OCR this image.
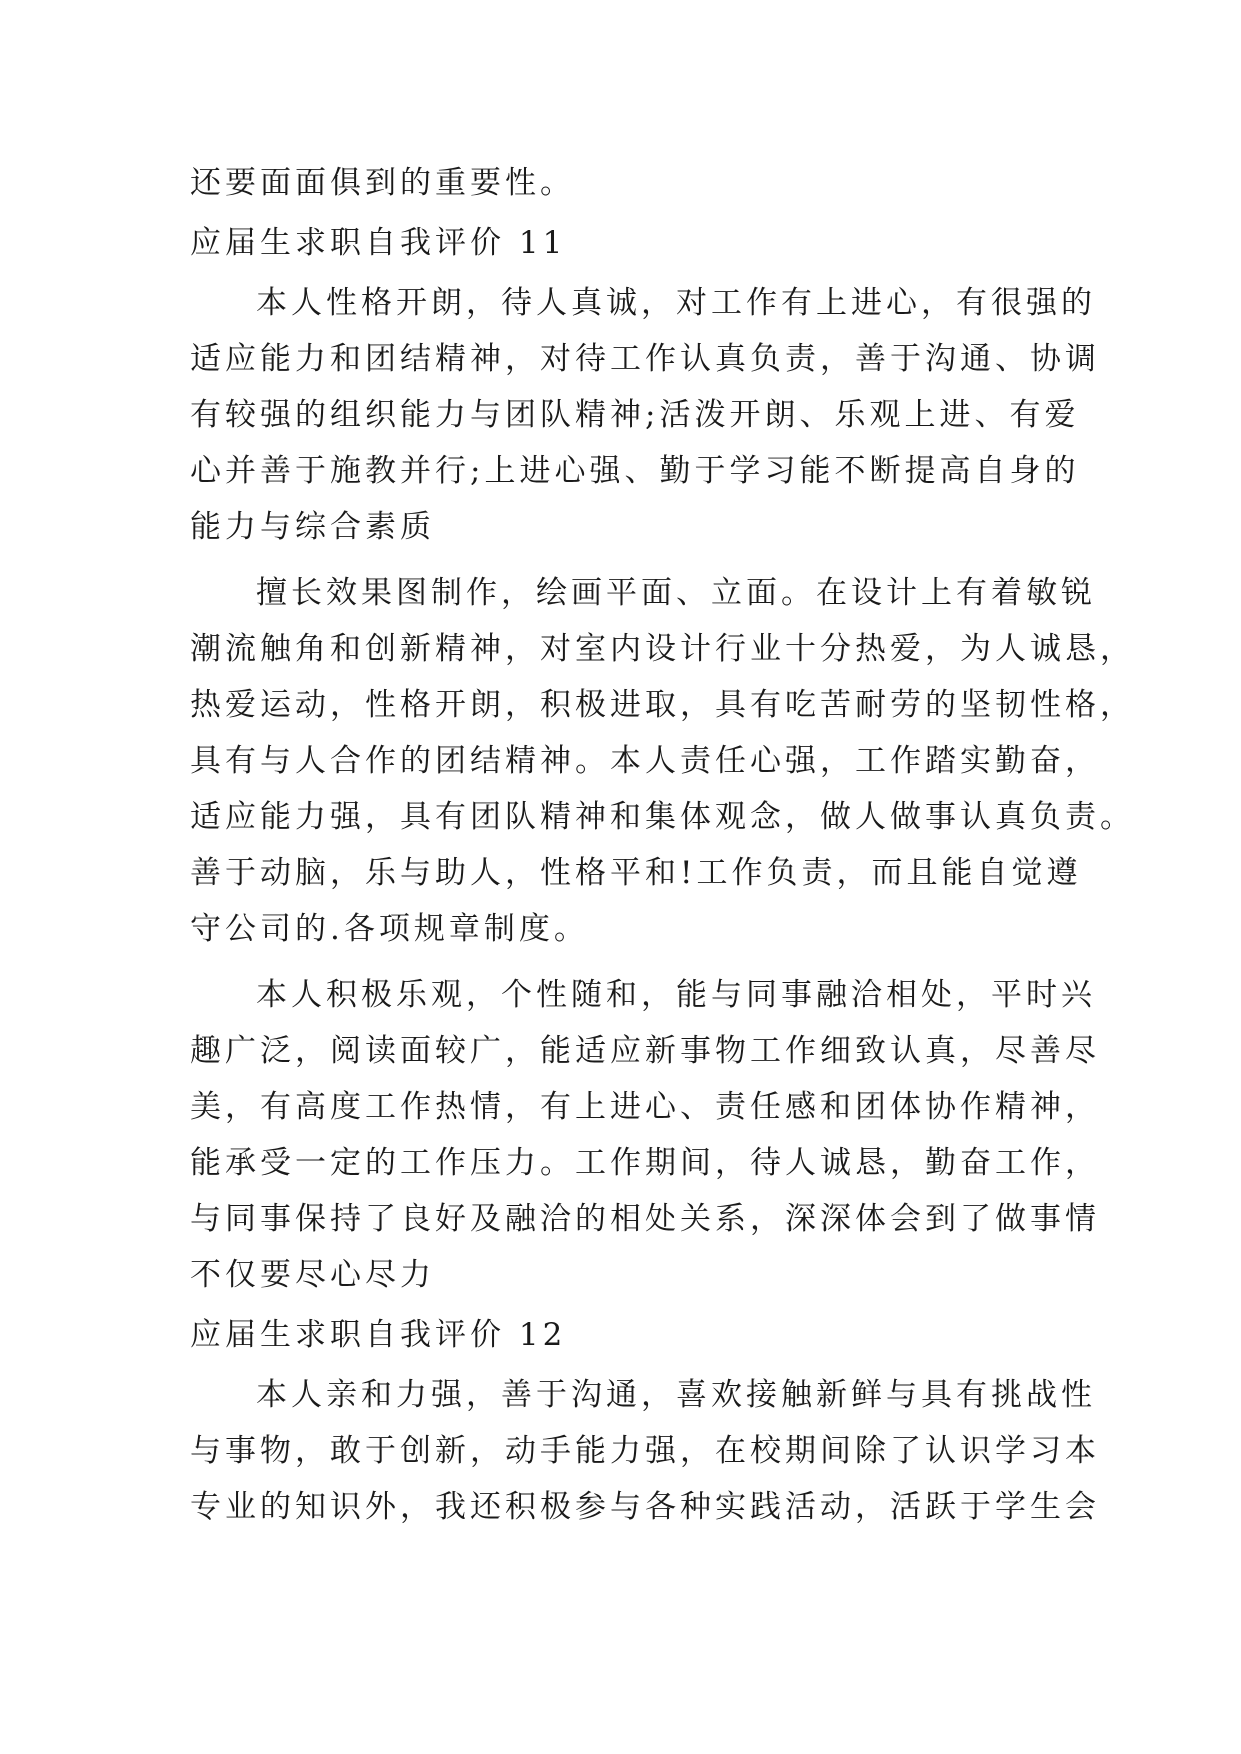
还要面面俱到的重要性。
应届生求职自我评价 11
本人性格开朗，待人真诚，对工作有上进心，有很强的
适应能力和团结精神，对待工作认真负责，善于沟通、协调
有较强的组织能力与团队精神;活泼开朗、乐观上进、有爱
心并善于施教并行;上进心强、勤于学习能不断提高自身的
能力与综合素质
擅长效果图制作，绘画平面、立面。在设计上有着敏锐
潮流触角和创新精神，对室内设计行业十分热爱，为人诚恳，
热爱运动，性格开朗，积极进取，具有吃苦耐劳的坚韧性格，
具有与人合作的团结精神。本人责任心强，工作踏实勤奋，
适应能力强，具有团队精神和集体观念，做人做事认真负责。
善于动脑，乐与助人，性格平和!工作负责，而且能自觉遵
守公司的.各项规章制度。
本人积极乐观，个性随和，能与同事融洽相处，平时兴
趣广泛，阅读面较广，能适应新事物工作细致认真，尽善尽
美，有高度工作热情，有上进心、责任感和团体协作精神，
能承受一定的工作压力。工作期间，待人诚恳，勤奋工作，
与同事保持了良好及融洽的相处关系，深深体会到了做事情
不仅要尽心尽力
应届生求职自我评价 12
本人亲和力强，善于沟通，喜欢接触新鲜与具有挑战性
与事物，敢于创新，动手能力强，在校期间除了认识学习本
专业的知识外，我还积极参与各种实践活动，活跃于学生会
